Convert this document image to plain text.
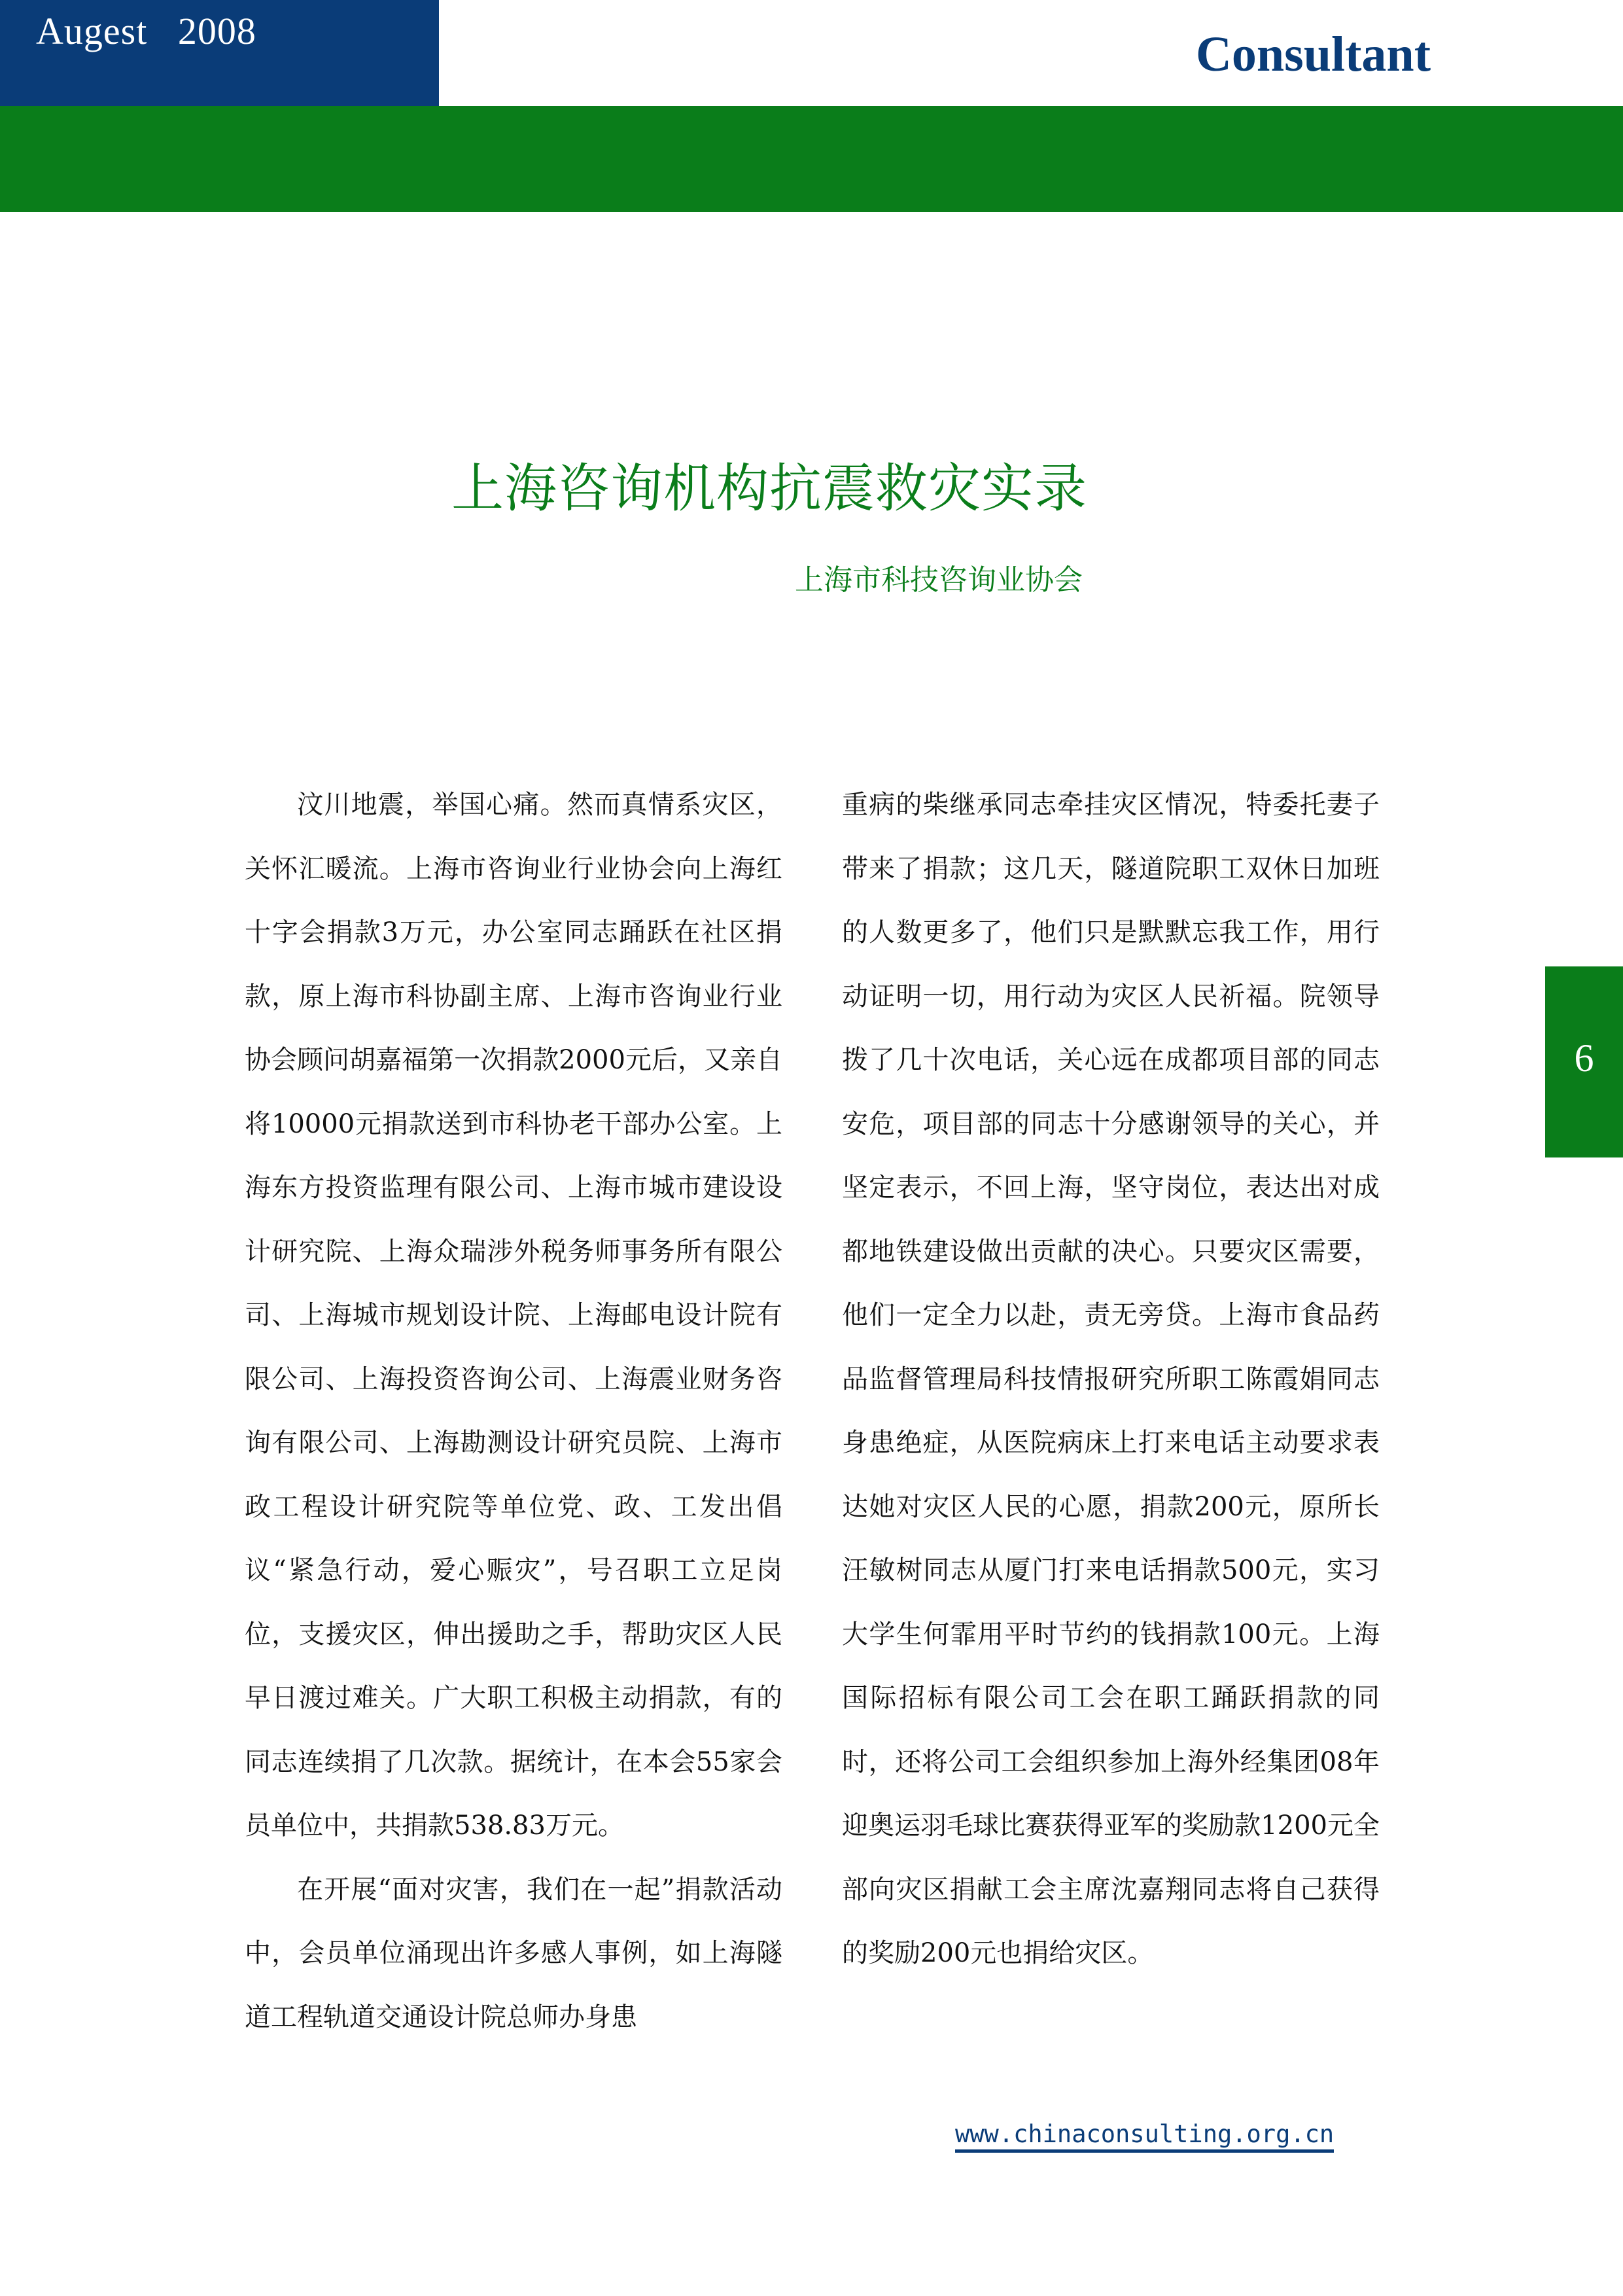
Augest   2008	Consultant
6
上海咨询机构抗震救灾实录
上海市科技咨询业协会

汶川地震，举国心痛。然而真情系灾区，关怀汇暖流。上海市咨询业行业协会向上海红十字会捐款3万元，办公室同志踊跃在社区捐款，原上海市科协副主席、上海市咨询业行业协会顾问胡嘉福第一次捐款2000元后，又亲自将10000元捐款送到市科协老干部办公室。上海东方投资监理有限公司、上海市城市建设设计研究院、上海众瑞涉外税务师事务所有限公司、上海城市规划设计院、上海邮电设计院有限公司、上海投资咨询公司、上海震业财务咨询有限公司、上海勘测设计研究员院、上海市政工程设计研究院等单位党、政、工发出倡议“紧急行动，爱心赈灾”，号召职工立足岗位，支援灾区，伸出援助之手，帮助灾区人民早日渡过难关。广大职工积极主动捐款，有的同志连续捐了几次款。据统计，在本会55家会员单位中，共捐款538.83万元。

在开展“面对灾害，我们在一起”捐款活动中，会员单位涌现出许多感人事例，如上海隧道工程轨道交通设计院总师办身患

重病的柴继承同志牵挂灾区情况，特委托妻子带来了捐款；这几天，隧道院职工双休日加班的人数更多了，他们只是默默忘我工作，用行动证明一切，用行动为灾区人民祈福。院领导拨了几十次电话，关心远在成都项目部的同志安危，项目部的同志十分感谢领导的关心，并坚定表示，不回上海，坚守岗位，表达出对成都地铁建设做出贡献的决心。只要灾区需要，他们一定全力以赴，责无旁贷。上海市食品药品监督管理局科技情报研究所职工陈霞娟同志身患绝症，从医院病床上打来电话主动要求表达她对灾区人民的心愿，捐款200元，原所长汪敏树同志从厦门打来电话捐款500元，实习大学生何霏用平时节约的钱捐款100元。上海国际招标有限公司工会在职工踊跃捐款的同时，还将公司工会组织参加上海外经集团08年迎奥运羽毛球比赛获得亚军的奖励款1200元全部向灾区捐献工会主席沈嘉翔同志将自己获得的奖励200元也捐给灾区。

www.chinaconsulting.org.cn
